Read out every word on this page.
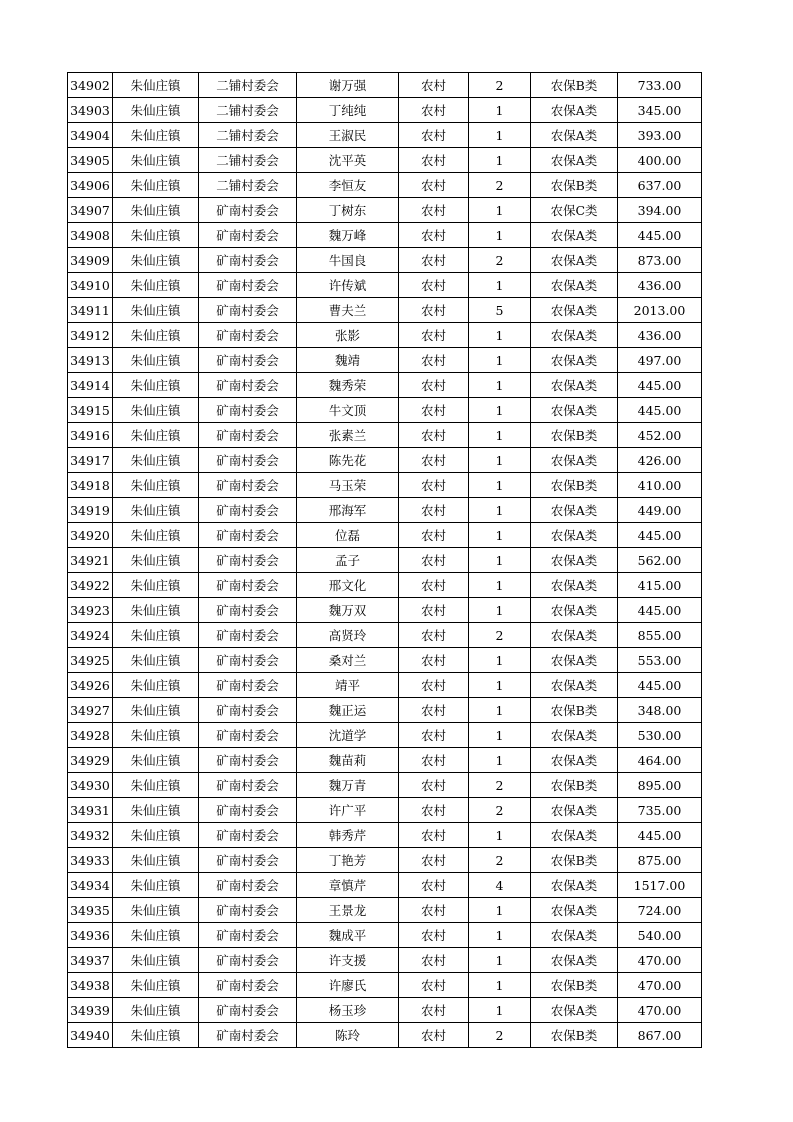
34902	朱仙庄镇	二铺村委会	谢万强	农村	2	农保B类	733.00
34903	朱仙庄镇	二铺村委会	丁纯纯	农村	1	农保A类	345.00
34904	朱仙庄镇	二铺村委会	王淑民	农村	1	农保A类	393.00
34905	朱仙庄镇	二铺村委会	沈平英	农村	1	农保A类	400.00
34906	朱仙庄镇	二铺村委会	李恒友	农村	2	农保B类	637.00
34907	朱仙庄镇	矿南村委会	丁树东	农村	1	农保C类	394.00
34908	朱仙庄镇	矿南村委会	魏万峰	农村	1	农保A类	445.00
34909	朱仙庄镇	矿南村委会	牛国良	农村	2	农保A类	873.00
34910	朱仙庄镇	矿南村委会	许传斌	农村	1	农保A类	436.00
34911	朱仙庄镇	矿南村委会	曹夫兰	农村	5	农保A类	2013.00
34912	朱仙庄镇	矿南村委会	张影	农村	1	农保A类	436.00
34913	朱仙庄镇	矿南村委会	魏靖	农村	1	农保A类	497.00
34914	朱仙庄镇	矿南村委会	魏秀荣	农村	1	农保A类	445.00
34915	朱仙庄镇	矿南村委会	牛文顶	农村	1	农保A类	445.00
34916	朱仙庄镇	矿南村委会	张素兰	农村	1	农保B类	452.00
34917	朱仙庄镇	矿南村委会	陈先花	农村	1	农保A类	426.00
34918	朱仙庄镇	矿南村委会	马玉荣	农村	1	农保B类	410.00
34919	朱仙庄镇	矿南村委会	邢海军	农村	1	农保A类	449.00
34920	朱仙庄镇	矿南村委会	位磊	农村	1	农保A类	445.00
34921	朱仙庄镇	矿南村委会	孟子	农村	1	农保A类	562.00
34922	朱仙庄镇	矿南村委会	邢文化	农村	1	农保A类	415.00
34923	朱仙庄镇	矿南村委会	魏万双	农村	1	农保A类	445.00
34924	朱仙庄镇	矿南村委会	高贤玲	农村	2	农保A类	855.00
34925	朱仙庄镇	矿南村委会	桑对兰	农村	1	农保A类	553.00
34926	朱仙庄镇	矿南村委会	靖平	农村	1	农保A类	445.00
34927	朱仙庄镇	矿南村委会	魏正运	农村	1	农保B类	348.00
34928	朱仙庄镇	矿南村委会	沈道学	农村	1	农保A类	530.00
34929	朱仙庄镇	矿南村委会	魏苗莉	农村	1	农保A类	464.00
34930	朱仙庄镇	矿南村委会	魏万青	农村	2	农保B类	895.00
34931	朱仙庄镇	矿南村委会	许广平	农村	2	农保A类	735.00
34932	朱仙庄镇	矿南村委会	韩秀芹	农村	1	农保A类	445.00
34933	朱仙庄镇	矿南村委会	丁艳芳	农村	2	农保B类	875.00
34934	朱仙庄镇	矿南村委会	章慎芹	农村	4	农保A类	1517.00
34935	朱仙庄镇	矿南村委会	王景龙	农村	1	农保A类	724.00
34936	朱仙庄镇	矿南村委会	魏成平	农村	1	农保A类	540.00
34937	朱仙庄镇	矿南村委会	许支援	农村	1	农保A类	470.00
34938	朱仙庄镇	矿南村委会	许廖氏	农村	1	农保B类	470.00
34939	朱仙庄镇	矿南村委会	杨玉珍	农村	1	农保A类	470.00
34940	朱仙庄镇	矿南村委会	陈玲	农村	2	农保B类	867.00
